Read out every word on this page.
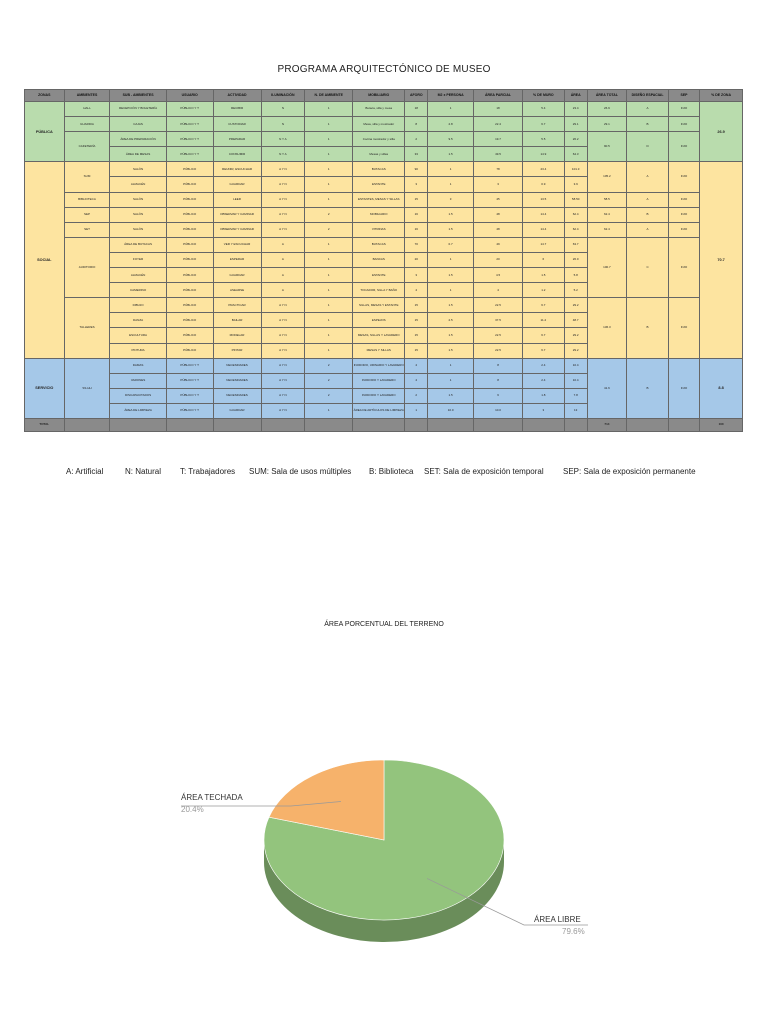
PROGRAMA ARQUITECTÓNICO DE MUSEO
ZONAS	AMBIENTES	SUB - AMBIENTES	USUARIO	ACTIVIDAD	ILUMINACIÓN	N. DE AMBIENTE	MOBILIARIO	AFORO	M2 x PERSONA	ÁREA PARCIAL	% DE MURO	ÁREA	ÁREA TOTAL	DISEÑO ESPACIAL	SEP	% DE ZONA
PÚBLICA	HALL	RECEPCIÓN Y BOLETERÍA	PÚBLICO Y T	RECIBIR	N	1	Butaca, silla y mesa	18	1	18	5.4	23.4	26.9	A	FIJO	26.9
	GUARDIA	CAJAS	PÚBLICO Y T	CUSTODIAR	N	1	Mesa, silla y mostrador	8	2.8	22.4	6.7	29.1	29.1	B	FIJO	
	CAFETERÍA	ÁREA DE PREPARACIÓN	PÚBLICO Y T	PREPARAR	N Y A	1	Cocina mostrador y silla	2	9.5	19.7	5.5	26.2	90.5	D	FIJO	
		ÁREA DE MESAS	PÚBLICO Y T	CONSUMIR	N Y A	1	Mesas y sillas	33	1.5	49.5	14.9	64.3				
SOCIAL	SUM	SALÓN	PÚBLICO	REUNIR, ESCUCHAR	A Y N	1	BUTACAS	90	1	78	23.4	101.3	105.2	A	FIJO	70.7
		ALMACÉN	PÚBLICO	GUARDAR	A Y N	1	ESTANTE	3	1	3	0.9	3.9				
	BIBLIOTECA	SALÓN	PÚBLICO	LEER	A Y N	1	ESTANTES, MESAS Y SILLAS	15	3	45	13.5	58.50	58.5	A	FIJO	
	SEP	SALÓN	PÚBLICO	OBSERVAR Y CAMINAR	A Y N	2	MOBILIARIO	16	1.5	48	14.4	62.4	62.4	B	FIJO	
	SET	SALÓN	PÚBLICO	OBSERVAR Y CAMINAR	A Y N	2	VITRINAS	16	1.5	48	14.4	62.4	62.4	A	FIJO	
	AUDITORIO	ÁREA DE BUTACAS	PÚBLICO	VER Y ESCUCHAR	A	1	BUTACAS	70	0.7	49	14.7	63.7	100.7	C	FIJO	
		FOYER	PÚBLICO	ESPERAR	A	1	BANCAS	20	1	20	6	26.0				
		ALMACÉN	PÚBLICO	GUARDAR	A	1	ESTANTE	3	1.5	4.5	1.5	5.8				
		CAMERINO	PÚBLICO	ASEARSE	A	1	TOCADOR, SILLA Y BAÑO	4	1	4	1.2	5.2				
	TALLERES	DIBUJO	PÚBLICO	PRACTICAR	A Y N	1	SILLAS, MESAS Y ESTANTE	15	1.5	22.5	6.7	29.2	136.3	B	FIJO	
		DANZA	PÚBLICO	BAILAR	A Y N	1	ESPEJOS	15	2.5	37.5	11.2	48.7				
		ESCULTURA	PÚBLICO	MODELAR	A Y N	1	MESAS, SILLAS Y LAVADERO	15	1.5	22.5	6.7	29.2				
		PINTURA	PÚBLICO	PINTAR	A Y N	1	MESAS Y SILLAS	15	1.5	22.5	6.7	29.2				
SERVICIO	SS.HH	DAMAS	PÚBLICO Y T	NECESIDADES	A Y N	2	INODORO, URINARIO Y LAVADERO	4	1	8	2.4	10.4	41.6	B	FIJO	8.8
		VARONES	PÚBLICO Y T	NECESIDADES	A Y N	2	INODORO Y LAVADERO	4	1	8	2.4	10.4				
		DISCAPACITADOS	PÚBLICO Y T	NECESIDADES	A Y N	2	INODORO Y LAVADERO	2	1.5	6	1.8	7.8				
		ÁREA DE LIMPIEZA	PÚBLICO Y T	GUARDAR	A Y N	1	ÁREA DE ARTÍCULOS DE LIMPIEZA	1	10.0	10.0	3	13				
TOTAL													714			100
A: Artificial	N: Natural T: Trabajadores SUM: Sala de usos múltiples B: Biblioteca SET: Sala de exposición temporal SEP: Sala de exposición permanente
ÁREA PORCENTUAL DEL TERRENO
ÁREA LIBRE
79.6%
ÁREA TECHADA
20.4%
